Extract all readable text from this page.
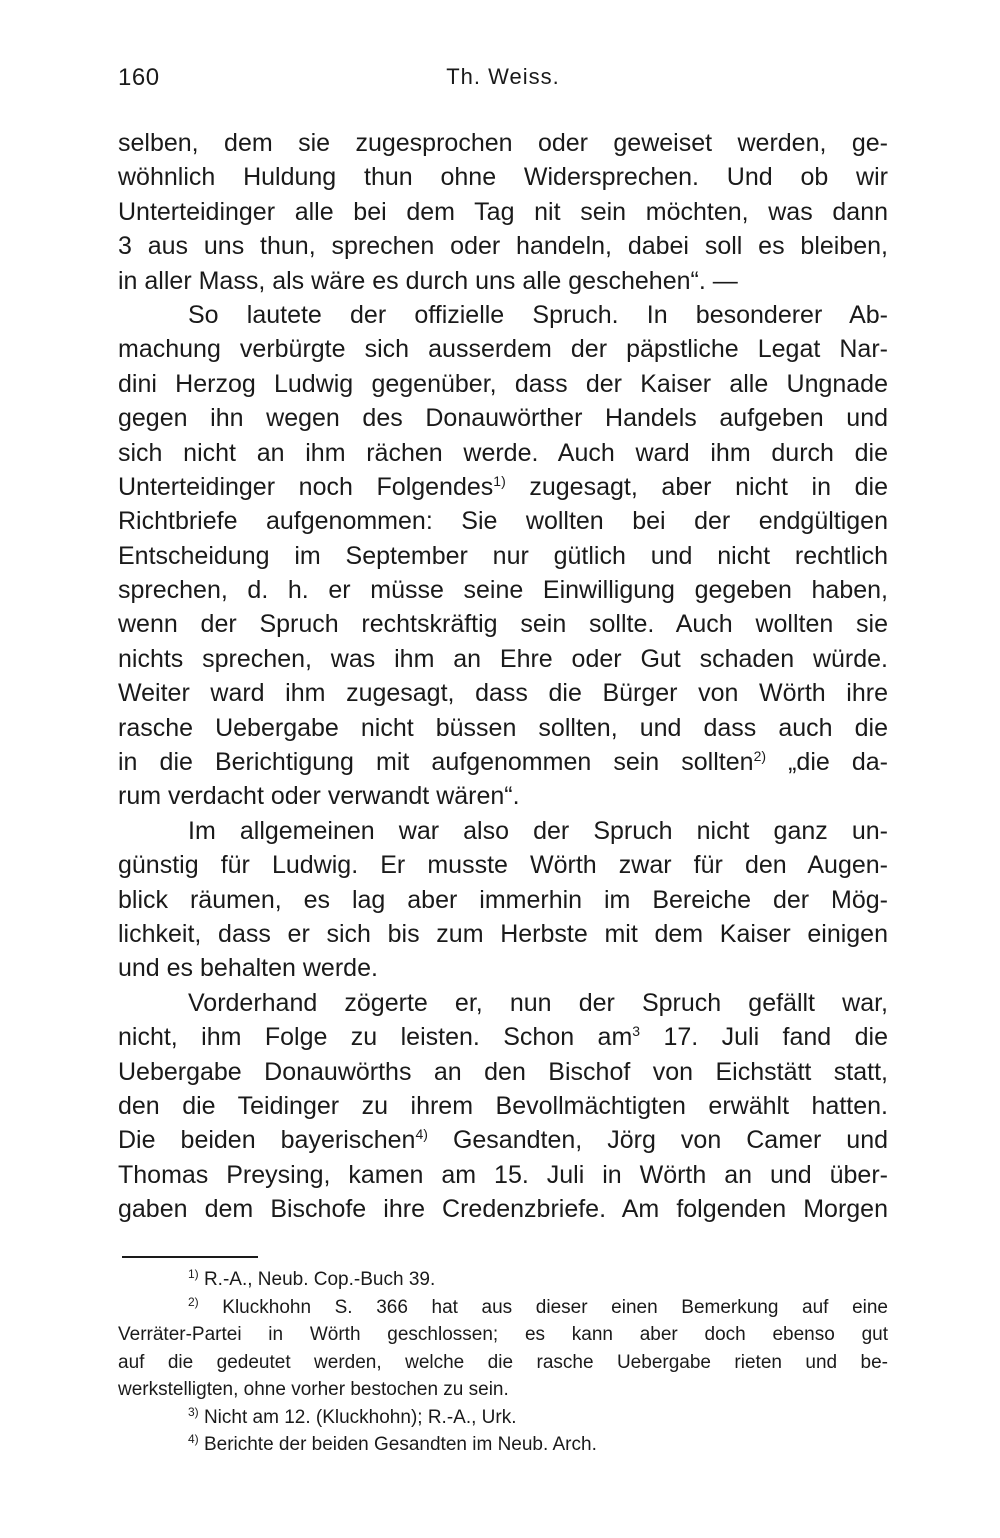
160	Th. Weiss.
selben, dem sie zugesprochen oder geweiset werden, ge-
wöhnlich Huldung thun ohne Widersprechen. Und ob wir
Unterteidinger alle bei dem Tag nit sein möchten, was dann
3 aus uns thun, sprechen oder handeln, dabei soll es bleiben,
in aller Mass, als wäre es durch uns alle geschehen“. —
So lautete der offizielle Spruch. In besonderer Ab-
machung verbürgte sich ausserdem der päpstliche Legat Nar-
dini Herzog Ludwig gegenüber, dass der Kaiser alle Ungnade
gegen ihn wegen des Donauwörther Handels aufgeben und
sich nicht an ihm rächen werde. Auch ward ihm durch die
Unterteidinger noch Folgendes$^{1)}$ zugesagt, aber nicht in die
Richtbriefe aufgenommen: Sie wollten bei der endgültigen
Entscheidung im September nur gütlich und nicht rechtlich
sprechen, d. h. er müsse seine Einwilligung gegeben haben,
wenn der Spruch rechtskräftig sein sollte. Auch wollten sie
nichts sprechen, was ihm an Ehre oder Gut schaden würde.
Weiter ward ihm zugesagt, dass die Bürger von Wörth ihre
rasche Uebergabe nicht büssen sollten, und dass auch die
in die Berichtigung mit aufgenommen sein sollten$^{2)}$ „die da-
rum verdacht oder verwandt wären“.
Im allgemeinen war also der Spruch nicht ganz un-
günstig für Ludwig. Er musste Wörth zwar für den Augen-
blick räumen, es lag aber immerhin im Bereiche der Mög-
lichkeit, dass er sich bis zum Herbste mit dem Kaiser einigen
und es behalten werde.
Vorderhand zögerte er, nun der Spruch gefällt war,
nicht, ihm Folge zu leisten. Schon $am^3$ 17. Juli fand die
Uebergabe Donauwörths an den Bischof von Eichstätt statt,
den die Teidinger zu ihrem Bevollmächtigten erwählt hatten.
Die beiden bayerischen$^{4)}$ Gesandten, Jörg von Camer und
Thomas Preysing, kamen am 15. Juli in Wörth an und über-
gaben dem Bischofe ihre Credenzbriefe. Am folgenden Morgen
$^{1)}$ R.-A., Neub. Cop.-Buch 39.
$^{2)}$ Kluckhohn S. 366 hat aus dieser einen Bemerkung auf eine
Verräter-Partei in Wörth geschlossen; es kann aber doch ebenso gut
auf die gedeutet werden, welche die rasche Uebergabe rieten und be-
werkstelligten, ohne vorher bestochen zu sein.
$^{3)}$ Nicht am 12. (Kluckhohn); R.-A., Urk.
$^{4)}$ Berichte der beiden Gesandten im Neub. Arch.
